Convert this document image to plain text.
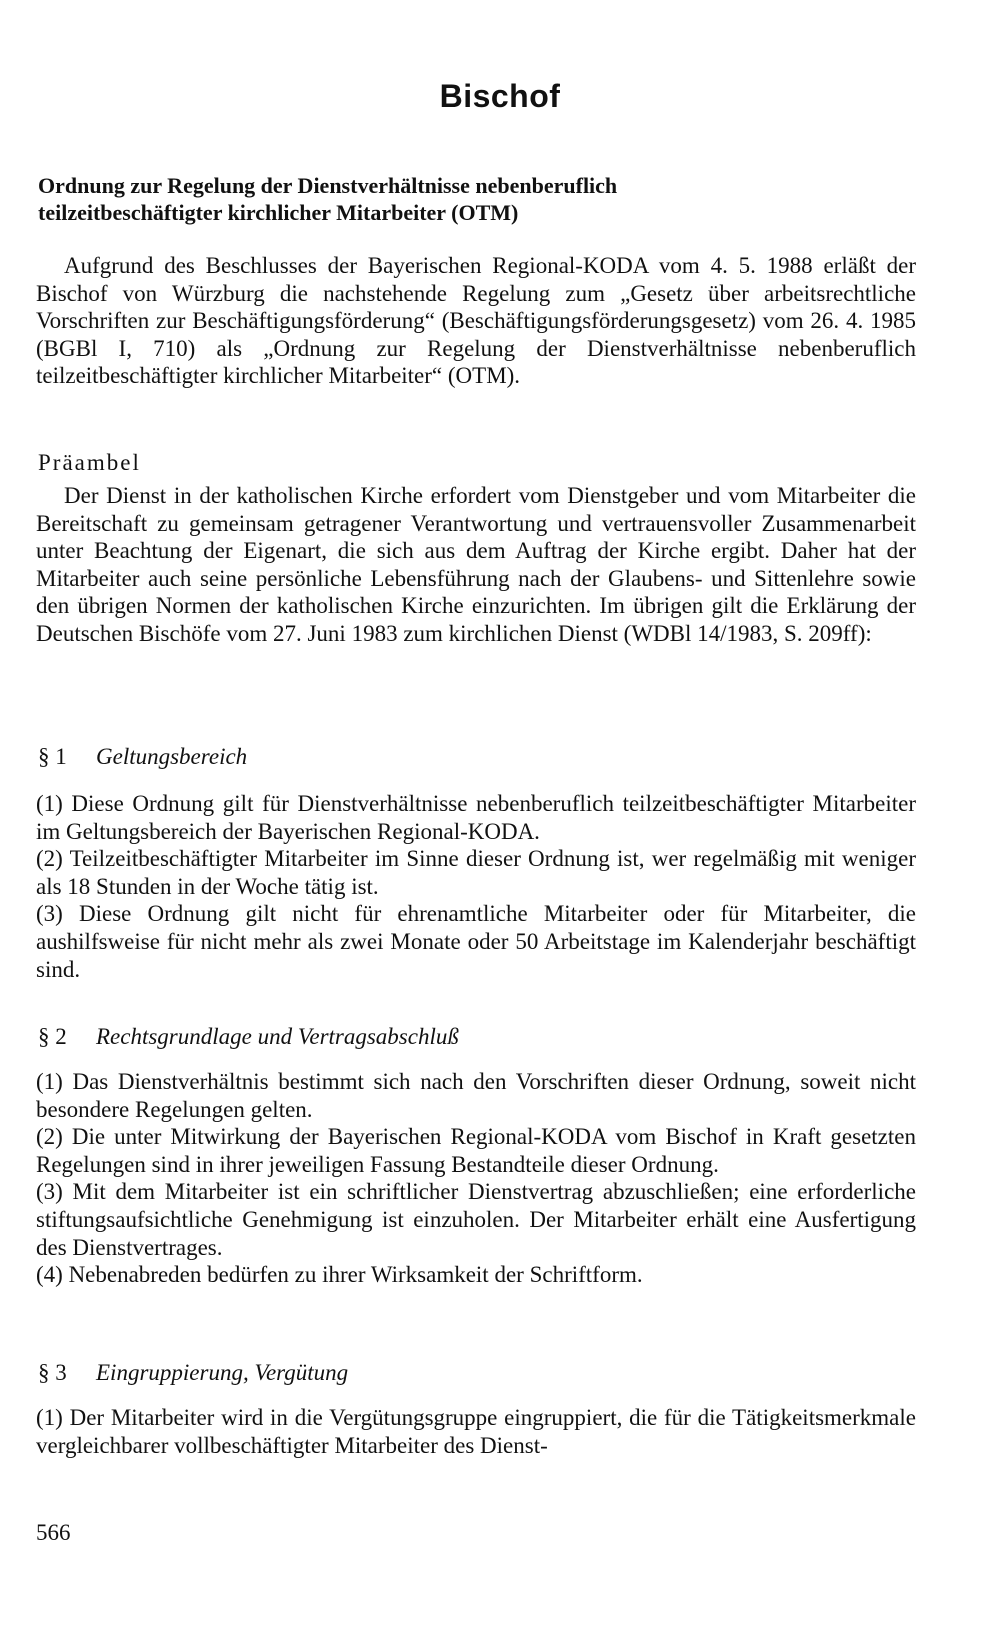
Bischof
Ordnung zur Regelung der Dienstverhältnisse nebenberuflich
teilzeitbeschäftigter kirchlicher Mitarbeiter (OTM)
Aufgrund des Beschlusses der Bayerischen Regional-KODA vom 4. 5. 1988 erläßt der Bischof von Würzburg die nachstehende Regelung zum „Gesetz über arbeitsrechtliche Vorschriften zur Beschäftigungsförderung“ (Beschäftigungsförderungsgesetz) vom 26. 4. 1985 (BGBl I, 710) als „Ordnung zur Regelung der Dienstverhältnisse nebenberuflich teilzeitbeschäftigter kirchlicher Mitarbeiter“ (OTM).
Präambel
Der Dienst in der katholischen Kirche erfordert vom Dienstgeber und vom Mitarbeiter die Bereitschaft zu gemeinsam getragener Verantwortung und vertrauensvoller Zusammenarbeit unter Beachtung der Eigenart, die sich aus dem Auftrag der Kirche ergibt. Daher hat der Mitarbeiter auch seine persönliche Lebensführung nach der Glaubens- und Sittenlehre sowie den übrigen Normen der katholischen Kirche einzurichten. Im übrigen gilt die Erklärung der Deutschen Bischöfe vom 27. Juni 1983 zum kirchlichen Dienst (WDBl 14/1983, S. 209ff):
§ 1 Geltungsbereich

(1) Diese Ordnung gilt für Dienstverhältnisse nebenberuflich teilzeitbeschäftigter Mitarbeiter im Geltungsbereich der Bayerischen Regional-KODA.

(2) Teilzeitbeschäftigter Mitarbeiter im Sinne dieser Ordnung ist, wer regelmäßig mit weniger als 18 Stunden in der Woche tätig ist.

(3) Diese Ordnung gilt nicht für ehrenamtliche Mitarbeiter oder für Mitarbeiter, die aushilfsweise für nicht mehr als zwei Monate oder 50 Arbeitstage im Kalenderjahr beschäftigt sind.

§ 2 Rechtsgrundlage und Vertragsabschluß

(1) Das Dienstverhältnis bestimmt sich nach den Vorschriften dieser Ordnung, soweit nicht besondere Regelungen gelten.

(2) Die unter Mitwirkung der Bayerischen Regional-KODA vom Bischof in Kraft gesetzten Regelungen sind in ihrer jeweiligen Fassung Bestandteile dieser Ordnung.

(3) Mit dem Mitarbeiter ist ein schriftlicher Dienstvertrag abzuschließen; eine erforderliche stiftungsaufsichtliche Genehmigung ist einzuholen. Der Mitarbeiter erhält eine Ausfertigung des Dienstvertrages.

(4) Nebenabreden bedürfen zu ihrer Wirksamkeit der Schriftform.

§ 3 Eingruppierung, Vergütung

(1) Der Mitarbeiter wird in die Vergütungsgruppe eingruppiert, die für die Tätigkeitsmerkmale vergleichbarer vollbeschäftigter Mitarbeiter des Dienst-

566
